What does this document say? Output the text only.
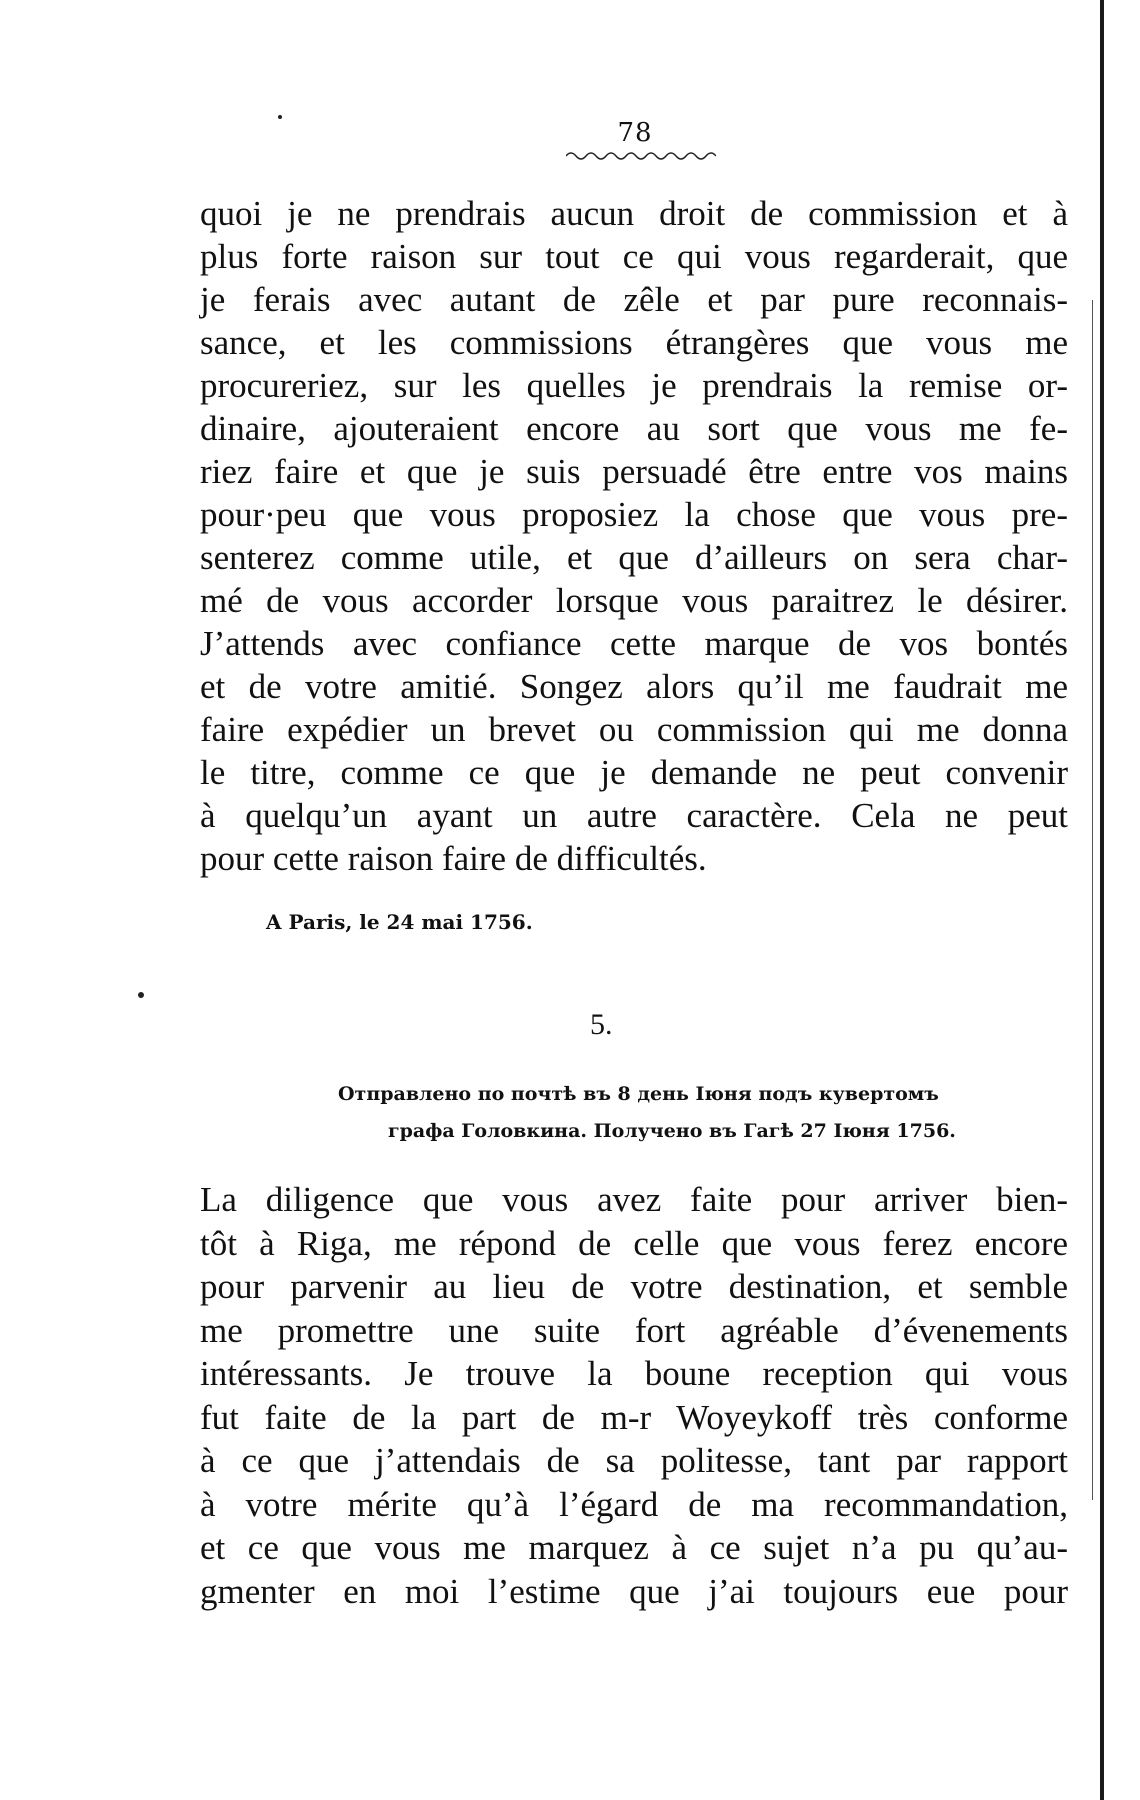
78
quoi je ne prendrais aucun droit de commission et à
plus forte raison sur tout ce qui vous regarderait, que
je ferais avec autant de zêle et par pure reconnais-
sance, et les commissions étrangères que vous me
procureriez, sur les quelles je prendrais la remise or-
dinaire, ajouteraient encore au sort que vous me fe-
riez faire et que je suis persuadé être entre vos mains
pour·peu que vous proposiez la chose que vous pre-
senterez comme utile, et que d’ailleurs on sera char-
mé de vous accorder lorsque vous paraitrez le désirer.
J’attends avec confiance cette marque de vos bontés
et de votre amitié. Songez alors qu’il me faudrait me
faire expédier un brevet ou commission qui me donna
le titre, comme ce que je demande ne peut convenir
à quelqu’un ayant un autre caractère. Cela ne peut
pour cette raison faire de difficultés.
A Paris, le 24 mai 1756.
5.
Отправлено по почтѣ въ 8 день Іюня подъ кувертомъ
графа Головкина. Получено въ Гагѣ 27 Іюня 1756.
La diligence que vous avez faite pour arriver bien-
tôt à Riga, me répond de celle que vous ferez encore
pour parvenir au lieu de votre destination, et semble
me promettre une suite fort agréable d’évenements
intéressants. Je trouve la boune reception qui vous
fut faite de la part de m-r Woyeykoff très conforme
à ce que j’attendais de sa politesse, tant par rapport
à votre mérite qu’à l’égard de ma recommandation,
et ce que vous me marquez à ce sujet n’a pu qu’au-
gmenter en moi l’estime que j’ai toujours eue pour
